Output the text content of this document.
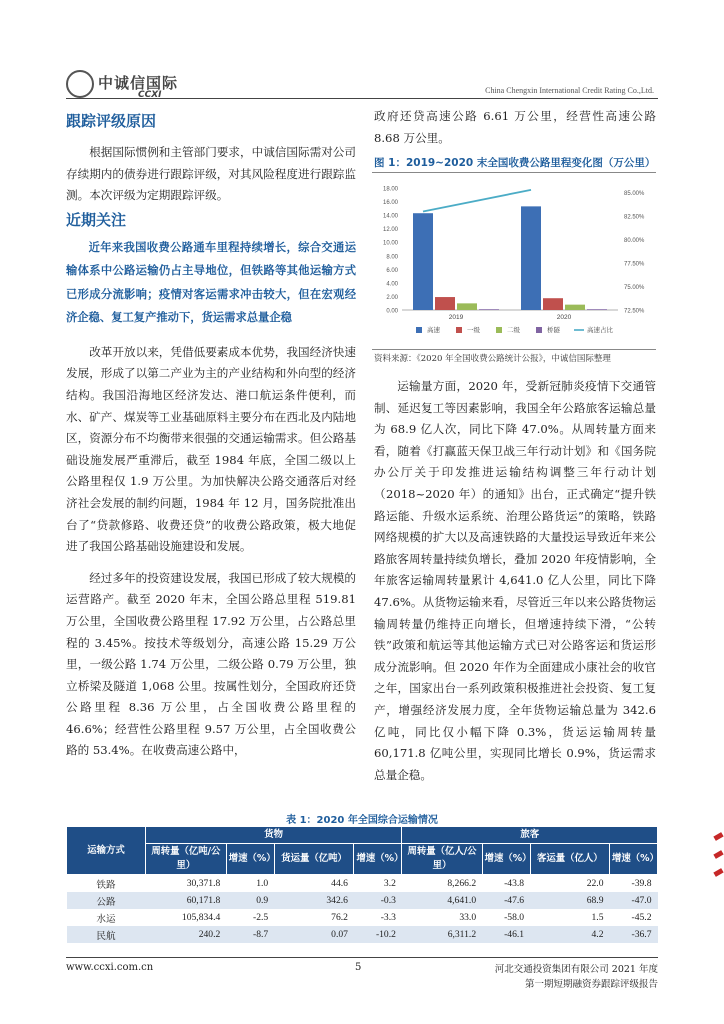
中诚信国际
CCXI	China Chengxin International Credit Rating Co.,Ltd.
跟踪评级原因

根据国际惯例和主管部门要求，中诚信国际需对公司存续期内的债券进行跟踪评级，对其风险程度进行跟踪监测。本次评级为定期跟踪评级。

近期关注

近年来我国收费公路通车里程持续增长，综合交通运输体系中公路运输仍占主导地位，但铁路等其他运输方式已形成分流影响；疫情对客运需求冲击较大，但在宏观经济企稳、复工复产推动下，货运需求总量企稳

改革开放以来，凭借低要素成本优势，我国经济快速发展，形成了以第二产业为主的产业结构和外向型的经济结构。我国沿海地区经济发达、港口航运条件便利，而水、矿产、煤炭等工业基础原料主要分布在西北及内陆地区，资源分布不均衡带来很强的交通运输需求。但公路基础设施发展严重滞后，截至 1984 年底，全国二级以上公路里程仅 1.9 万公里。为加快解决公路交通落后对经济社会发展的制约问题，1984 年 12 月，国务院批准出台了“贷款修路、收费还贷”的收费公路政策，极大地促进了我国公路基础设施建设和发展。

经过多年的投资建设发展，我国已形成了较大规模的运营路产。截至 2020 年末，全国公路总里程 519.81 万公里，全国收费公路里程 17.92 万公里，占公路总里程的 3.45%。按技术等级划分，高速公路 15.29 万公里，一级公路 1.74 万公里，二级公路 0.79 万公里，独立桥梁及隧道 1,068 公里。按属性划分，全国政府还贷公路里程 8.36 万公里，占全国收费公路里程的 46.6%；经营性公路里程 9.57 万公里，占全国收费公路的 53.4%。在收费高速公路中，

政府还贷高速公路 6.61 万公里，经营性高速公路 8.68 万公里。

图 1：2019~2020 末全国收费公路里程变化图（万公里）
0.00
2.00
4.00
6.00
8.00
10.00
12.00
14.00
16.00
18.00
72.50%
75.00%
77.50%
80.00%
82.50%
85.00%
2019	2020
高速	一级	二级	桥隧	高速占比
资料来源：《2020 年全国收费公路统计公报》，中诚信国际整理

运输量方面，2020 年，受新冠肺炎疫情下交通管制、延迟复工等因素影响，我国全年公路旅客运输总量为 68.9 亿人次，同比下降 47.0%。从周转量方面来看，随着《打赢蓝天保卫战三年行动计划》和《国务院办公厅关于印发推进运输结构调整三年行动计划（2018~2020 年）的通知》出台，正式确定“提升铁路运能、升级水运系统、治理公路货运”的策略，铁路网络规模的扩大以及高速铁路的大量投运导致近年来公路旅客周转量持续负增长，叠加 2020 年疫情影响，全年旅客运输周转量累计 4,641.0 亿人公里，同比下降 47.6%。从货物运输来看，尽管近三年以来公路货物运输周转量仍维持正向增长，但增速持续下滑，“公转铁”政策和航运等其他运输方式已对公路客运和货运形成分流影响。但 2020 年作为全面建成小康社会的收官之年，国家出台一系列政策积极推进社会投资、复工复产，增强经济发展力度，全年货物运输总量为 342.6 亿吨，同比仅小幅下降 0.3%，货运运输周转量 60,171.8 亿吨公里，实现同比增长 0.9%，货运需求总量企稳。

表 1：2020 年全国综合运输情况
运输方式	货物				旅客			
	周转量（亿吨/公里）	增速（%）	货运量（亿吨）	增速（%）	周转量（亿人/公里）	增速（%）	客运量（亿人）	增速（%）
铁路	30,371.8	1.0	44.6	3.2	8,266.2	-43.8	22.0	-39.8
公路	60,171.8	0.9	342.6	-0.3	4,641.0	-47.6	68.9	-47.0
水运	105,834.4	-2.5	76.2	-3.3	33.0	-58.0	1.5	-45.2
民航	240.2	-8.7	0.07	-10.2	6,311.2	-46.1	4.2	-36.7
www.ccxi.com.cn	5	河北交通投资集团有限公司 2021 年度
第一期短期融资券跟踪评级报告
